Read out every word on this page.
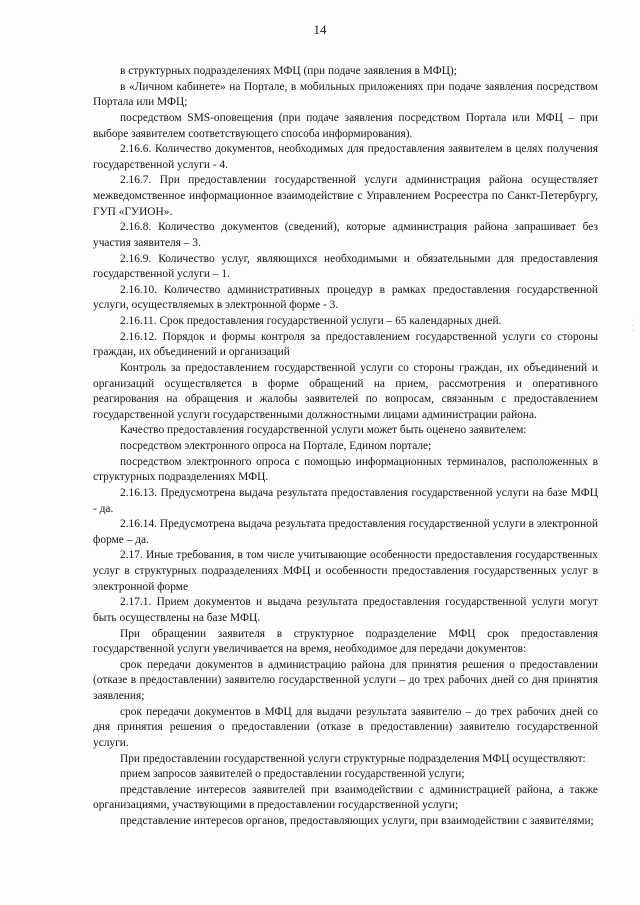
14

в структурных подразделениях МФЦ (при подаче заявления в МФЦ);

в «Личном кабинете» на Портале, в мобильных приложениях при подаче заявления посредством Портала или МФЦ;

посредством SMS-оповещения (при подаче заявления посредством Портала или МФЦ – при выборе заявителем соответствующего способа информирования).

2.16.6. Количество документов, необходимых для предоставления заявителем в целях получения государственной услуги - 4.

2.16.7. При предоставлении государственной услуги администрация района осуществляет межведомственное информационное взаимодействие с Управлением Росреестра по Санкт-Петербургу, ГУП «ГУИОН».

2.16.8. Количество документов (сведений), которые администрация района запрашивает без участия заявителя – 3.

2.16.9. Количество услуг, являющихся необходимыми и обязательными для предоставления государственной услуги – 1.

2.16.10. Количество административных процедур в рамках предоставления государственной услуги, осуществляемых в электронной форме - 3.

2.16.11. Срок предоставления государственной услуги – 65 календарных дней.

2.16.12. Порядок и формы контроля за предоставлением государственной услуги со стороны граждан, их объединений и организаций

Контроль за предоставлением государственной услуги со стороны граждан, их объединений и организаций осуществляется в форме обращений на прием, рассмотрения и оперативного реагирования на обращения и жалобы заявителей по вопросам, связанным с предоставлением государственной услуги государственными должностными лицами администрации района.

Качество предоставления государственной услуги может быть оценено заявителем:

посредством электронного опроса на Портале, Едином портале;

посредством электронного опроса с помощью информационных терминалов, расположенных в структурных подразделениях МФЦ.

2.16.13. Предусмотрена выдача результата предоставления государственной услуги на базе МФЦ - да.

2.16.14. Предусмотрена выдача результата предоставления государственной услуги в электронной форме – да.

2.17. Иные требования, в том числе учитывающие особенности предоставления государственных услуг в структурных подразделениях МФЦ и особенности предоставления государственных услуг в электронной форме

2.17.1. Прием документов и выдача результата предоставления государственной услуги могут быть осуществлены на базе МФЦ.

При обращении заявителя в структурное подразделение МФЦ срок предоставления государственной услуги увеличивается на время, необходимое для передачи документов:

срок передачи документов в администрацию района для принятия решения о предоставлении (отказе в предоставлении) заявителю государственной услуги – до трех рабочих дней со дня принятия заявления;

срок передачи документов в МФЦ для выдачи результата заявителю – до трех рабочих дней со дня принятия решения о предоставлении (отказе в предоставлении) заявителю государственной услуги.

При предоставлении государственной услуги структурные подразделения МФЦ осуществляют:

прием запросов заявителей о предоставлении государственной услуги;

представление интересов заявителей при взаимодействии с администрацией района, а также организациями, участвующими в предоставлении государственной услуги;

представление интересов органов, предоставляющих услуги, при взаимодействии с заявителями;

·
·
·
